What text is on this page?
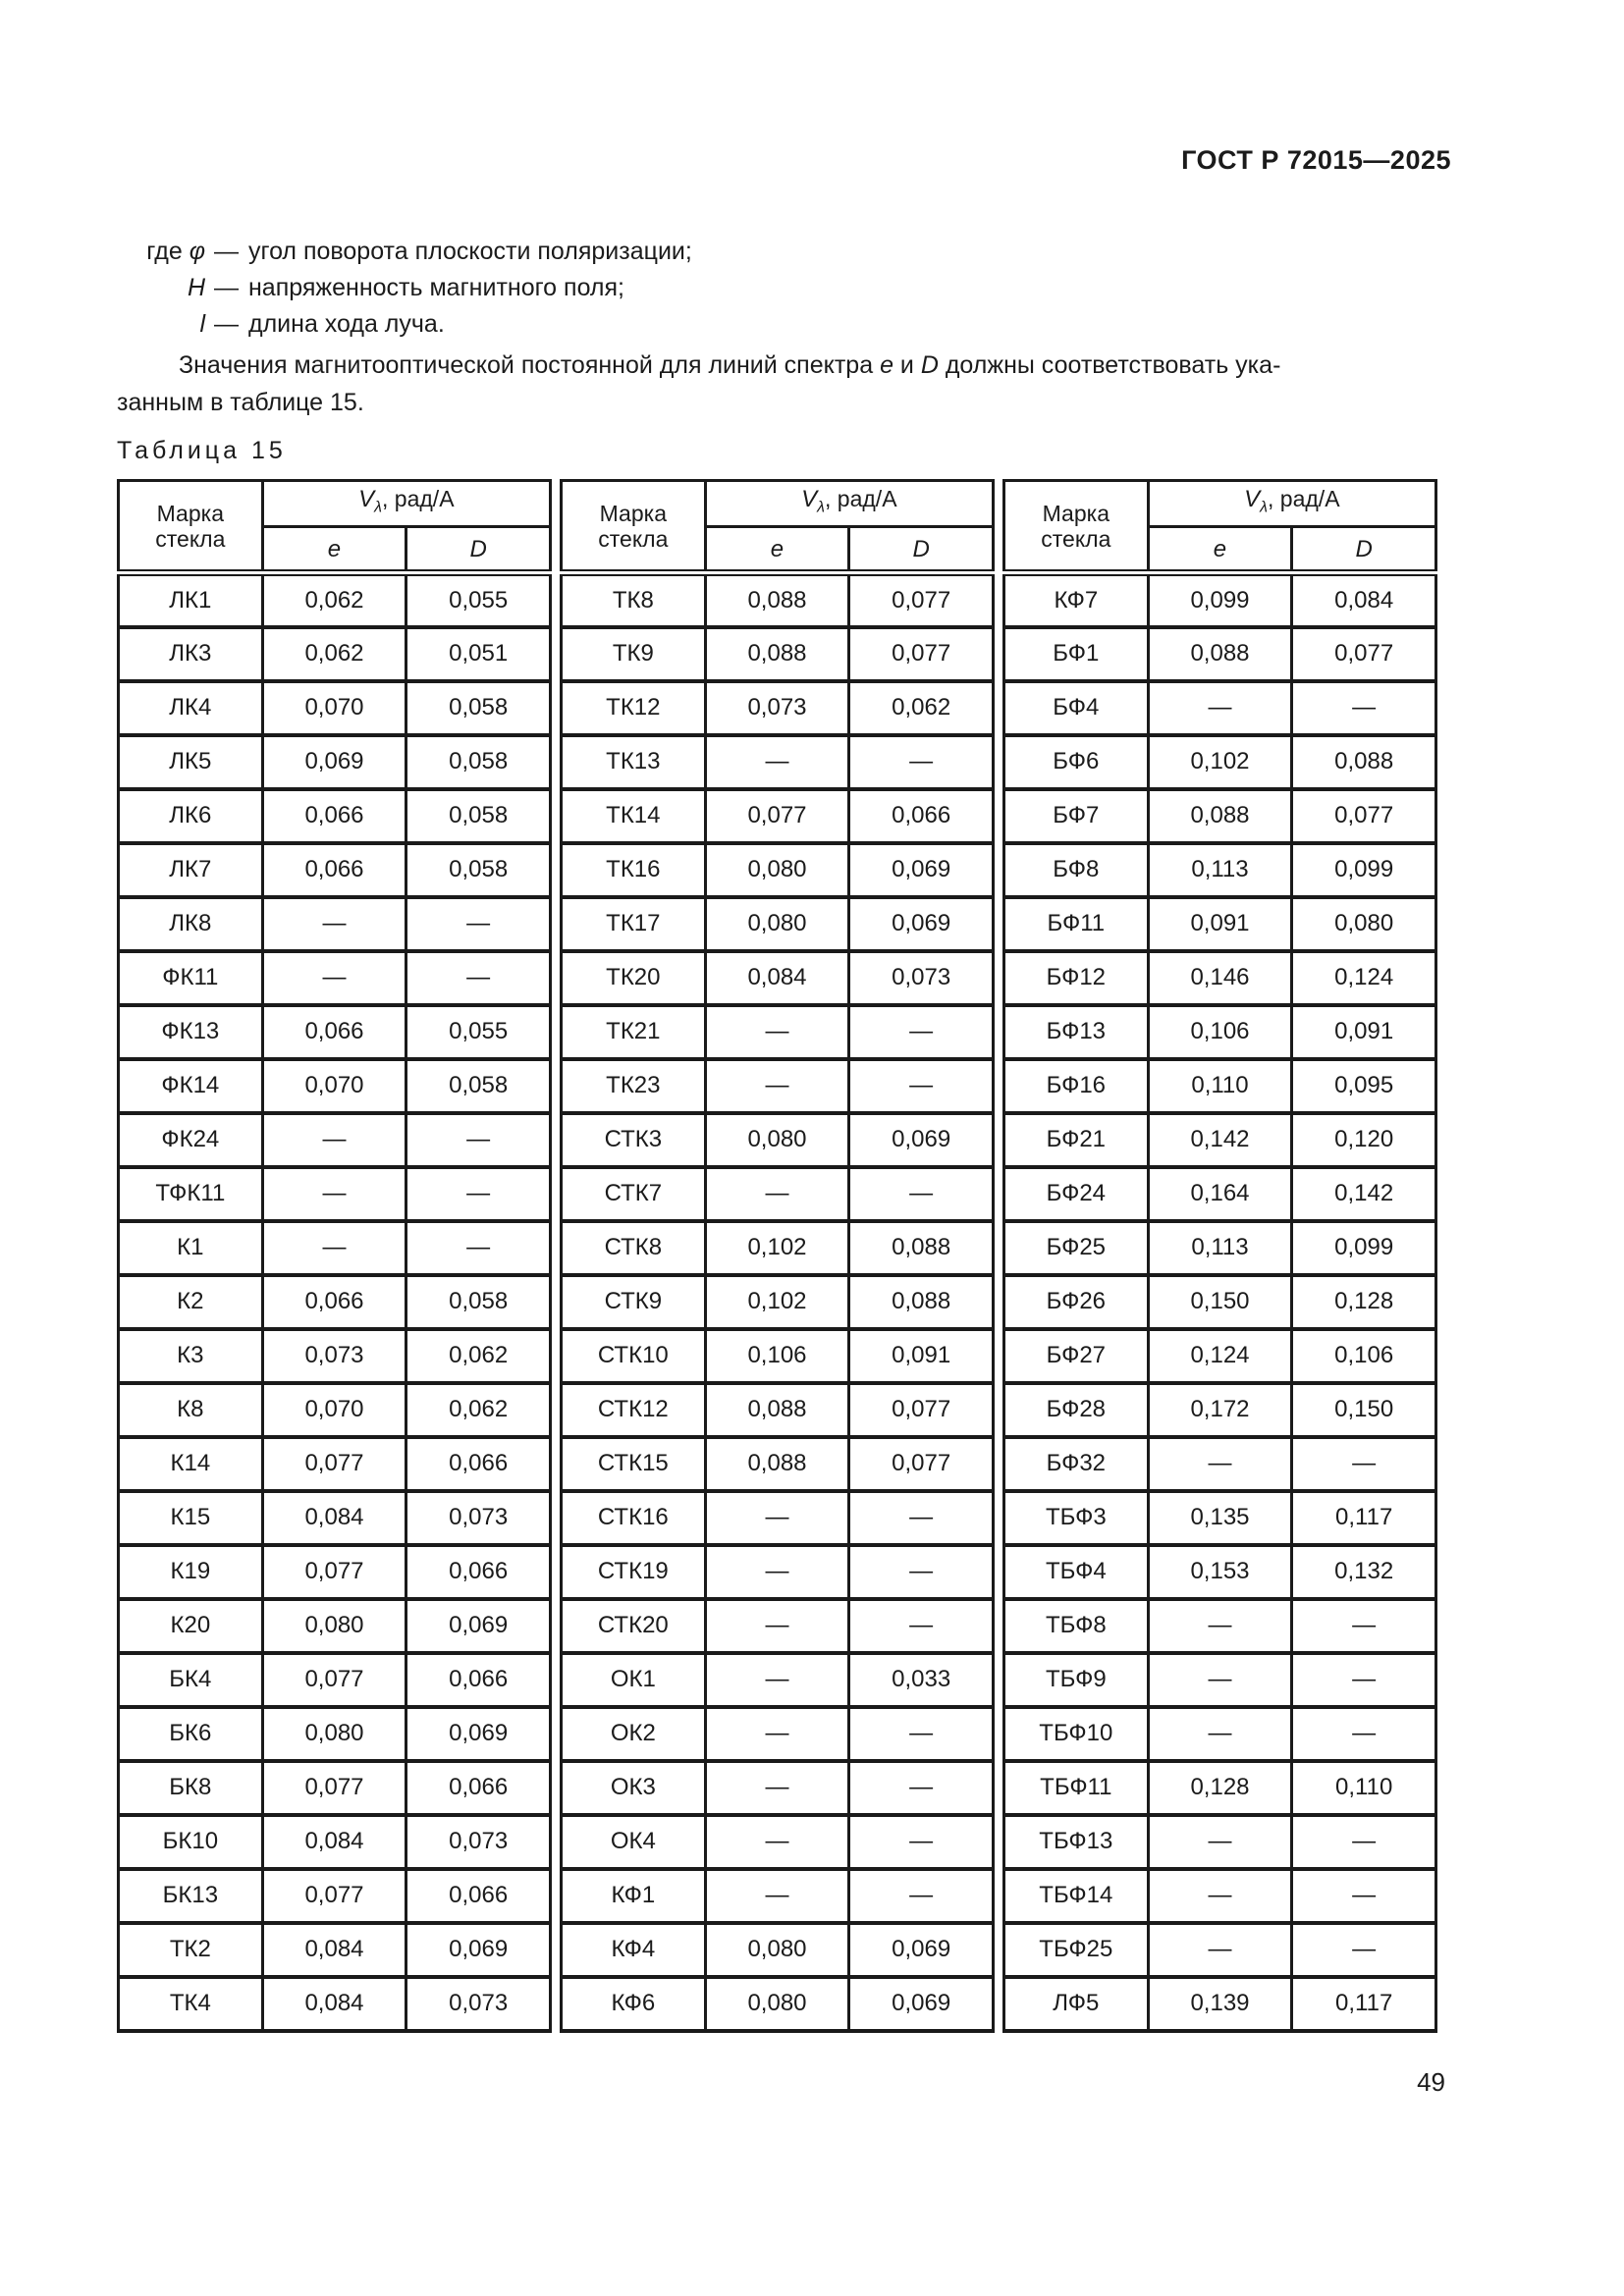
ГОСТ Р 72015—2025
где φ — угол поворота плоскости поляризации;
Н — напряженность магнитного поля;
l — длина хода луча.
Значения магнитооптической постоянной для линий спектра e и D должны соответствовать ука-
занным в таблице 15.
Таблица 15
Марка стекла	$V_\lambda$, рад/А	
	e	D
ЛК1	0,062	0,055
ЛК3	0,062	0,051
ЛК4	0,070	0,058
ЛК5	0,069	0,058
ЛК6	0,066	0,058
ЛК7	0,066	0,058
ЛК8	—	—
ФК11	—	—
ФК13	0,066	0,055
ФК14	0,070	0,058
ФК24	—	—
ТФК11	—	—
К1	—	—
К2	0,066	0,058
К3	0,073	0,062
К8	0,070	0,062
К14	0,077	0,066
К15	0,084	0,073
К19	0,077	0,066
К20	0,080	0,069
БК4	0,077	0,066
БК6	0,080	0,069
БК8	0,077	0,066
БК10	0,084	0,073
БК13	0,077	0,066
ТК2	0,084	0,069
ТК4	0,084	0,073
Марка стекла	$V_\lambda$, рад/А	
	e	D
ТК8	0,088	0,077
ТК9	0,088	0,077
ТК12	0,073	0,062
ТК13	—	—
ТК14	0,077	0,066
ТК16	0,080	0,069
ТК17	0,080	0,069
ТК20	0,084	0,073
ТК21	—	—
ТК23	—	—
СТК3	0,080	0,069
СТК7	—	—
СТК8	0,102	0,088
СТК9	0,102	0,088
СТК10	0,106	0,091
СТК12	0,088	0,077
СТК15	0,088	0,077
СТК16	—	—
СТК19	—	—
СТК20	—	—
ОК1	—	0,033
ОК2	—	—
ОК3	—	—
ОК4	—	—
КФ1	—	—
КФ4	0,080	0,069
КФ6	0,080	0,069
Марка стекла	$V_\lambda$, рад/А	
	e	D
КФ7	0,099	0,084
БФ1	0,088	0,077
БФ4	—	—
БФ6	0,102	0,088
БФ7	0,088	0,077
БФ8	0,113	0,099
БФ11	0,091	0,080
БФ12	0,146	0,124
БФ13	0,106	0,091
БФ16	0,110	0,095
БФ21	0,142	0,120
БФ24	0,164	0,142
БФ25	0,113	0,099
БФ26	0,150	0,128
БФ27	0,124	0,106
БФ28	0,172	0,150
БФ32	—	—
ТБФ3	0,135	0,117
ТБФ4	0,153	0,132
ТБФ8	—	—
ТБФ9	—	—
ТБФ10	—	—
ТБФ11	0,128	0,110
ТБФ13	—	—
ТБФ14	—	—
ТБФ25	—	—
ЛФ5	0,139	0,117
49
